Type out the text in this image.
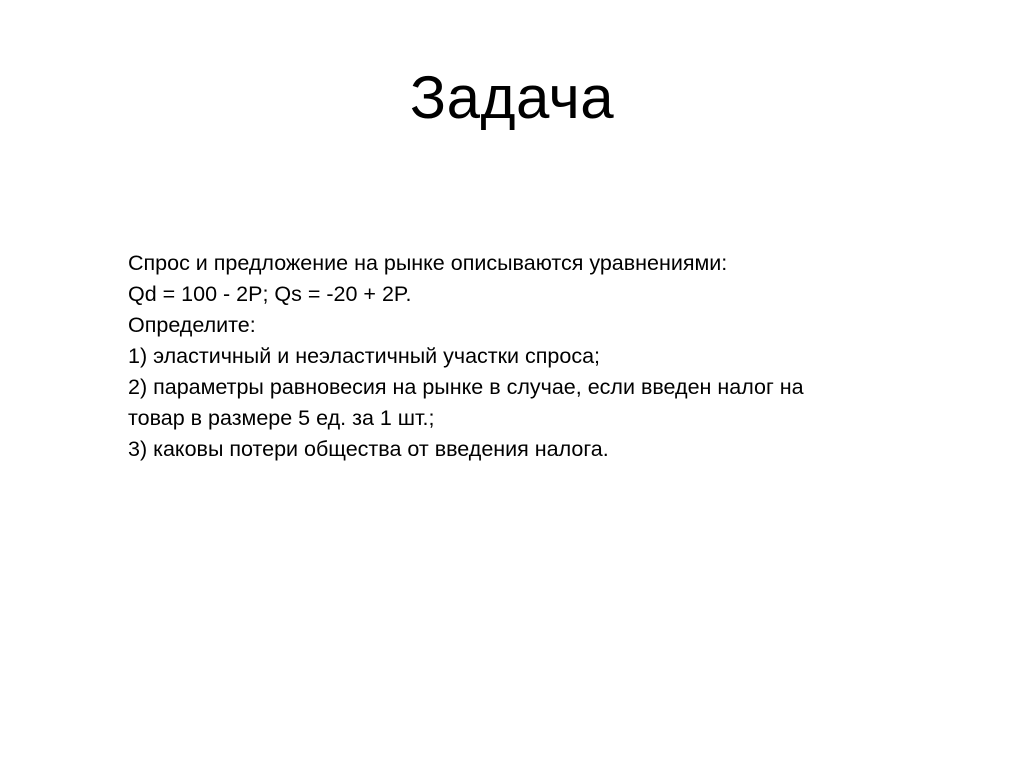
Задача
Спрос и предложение на рынке описываются уравнениями:
Qd = 100 - 2P; Qs = -20 + 2P.
Определите:
1) эластичный и неэластичный участки спроса;
2) параметры равновесия на рынке в случае, если введен налог на
товар в размере 5 ед. за 1 шт.;
3) каковы потери общества от введения налога.
